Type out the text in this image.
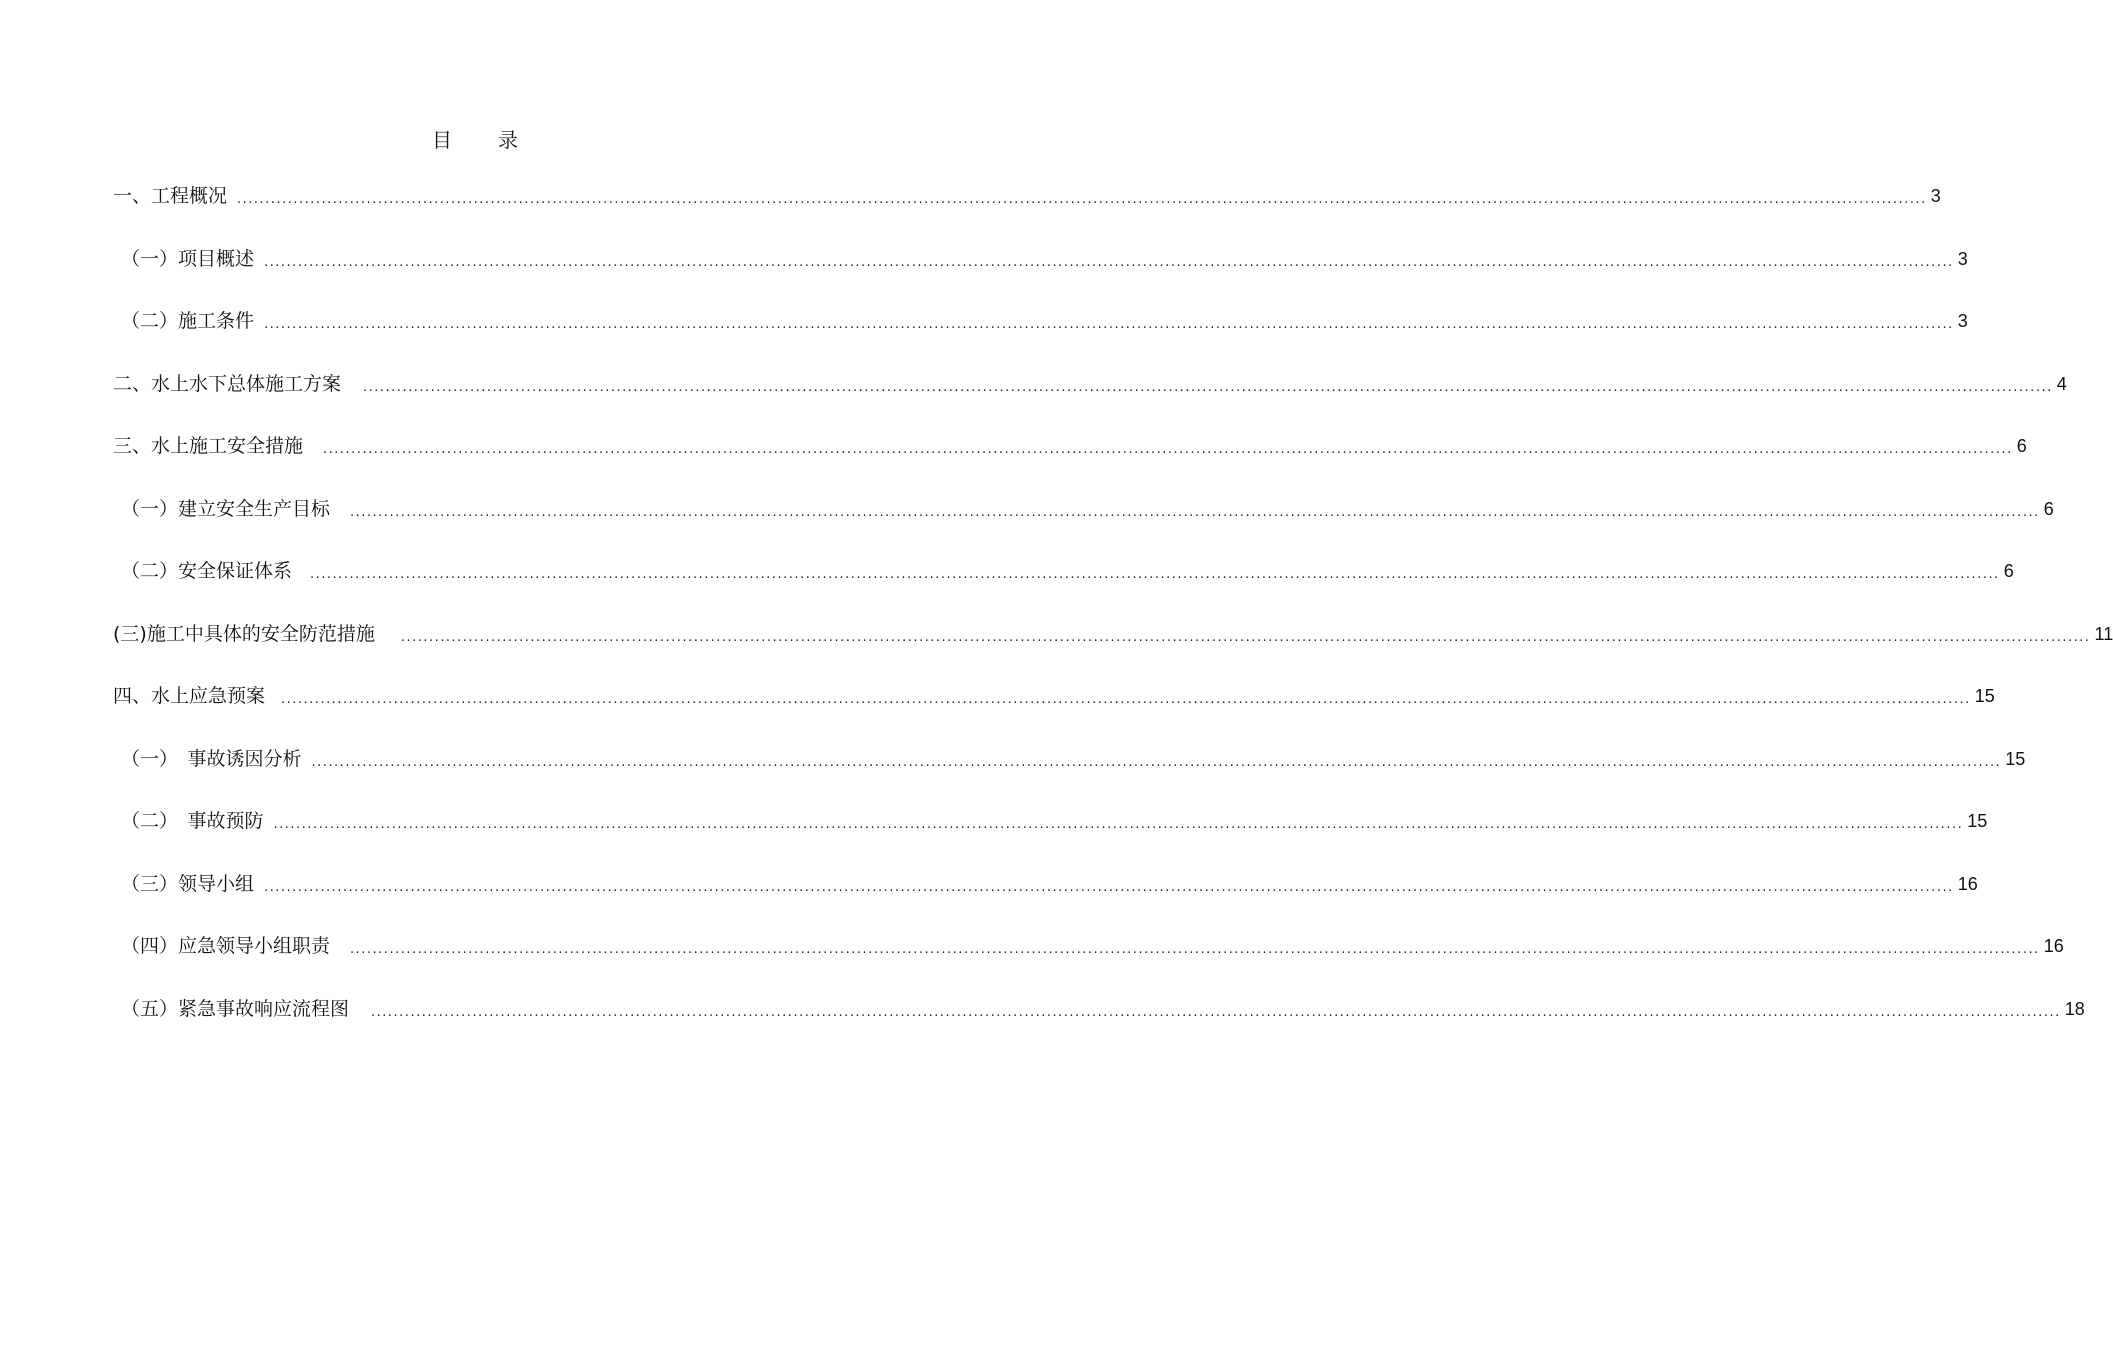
目 录
一、工程概况 ............................................................................................................................................................................................................................................................................................................ 3
（一）项目概述 ............................................................................................................................................................................................................................................................................................................ 3
（二）施工条件 ............................................................................................................................................................................................................................................................................................................ 3
二、水上水下总体施工方案 ............................................................................................................................................................................................................................................................................................................ 4
三、水上施工安全措施 ............................................................................................................................................................................................................................................................................................................ 6
（一）建立安全生产目标 ............................................................................................................................................................................................................................................................................................................ 6
（二）安全保证体系 ............................................................................................................................................................................................................................................................................................................ 6
(三)施工中具体的安全防范措施 ............................................................................................................................................................................................................................................................................................................ 11
四、水上应急预案 ............................................................................................................................................................................................................................................................................................................ 15
（一）　事故诱因分析 ............................................................................................................................................................................................................................................................................................................ 15
（二）　事故预防 ............................................................................................................................................................................................................................................................................................................ 15
（三）领导小组 ............................................................................................................................................................................................................................................................................................................ 16
（四）应急领导小组职责 ............................................................................................................................................................................................................................................................................................................ 16
（五）紧急事故响应流程图 ............................................................................................................................................................................................................................................................................................................ 18
